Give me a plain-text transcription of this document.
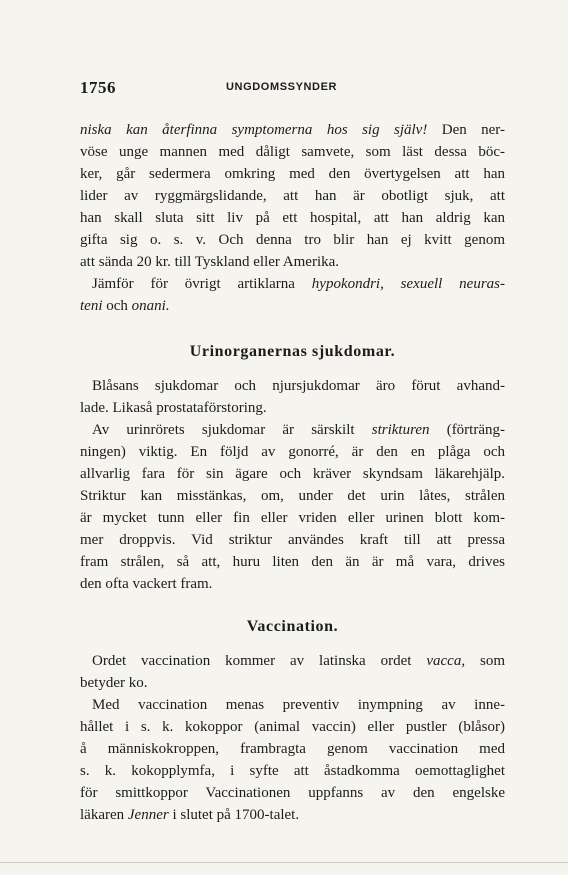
1756	UNGDOMSSYNDER
niska kan återfinna symptomerna hos sig själv! Den ner-
vöse unge mannen med dåligt samvete, som läst dessa böc-
ker, går sedermera omkring med den övertygelsen att han
lider av ryggmärgslidande, att han är obotligt sjuk, att
han skall sluta sitt liv på ett hospital, att han aldrig kan
gifta sig o. s. v. Och denna tro blir han ej kvitt genom
att sända 20 kr. till Tyskland eller Amerika.
Jämför för övrigt artiklarna hypokondri, sexuell neuras-
teni och onani.
Urinorganernas sjukdomar.
Blåsans sjukdomar och njursjukdomar äro förut avhand-
lade. Likaså prostataförstoring.
Av urinrörets sjukdomar är särskilt strikturen (förträng-
ningen) viktig. En följd av gonorré, är den en plåga och
allvarlig fara för sin ägare och kräver skyndsam läkarehjälp.
Striktur kan misstänkas, om, under det urin låtes, strålen
är mycket tunn eller fin eller vriden eller urinen blott kom-
mer droppvis. Vid striktur användes kraft till att pressa
fram strålen, så att, huru liten den än är må vara, drives
den ofta vackert fram.
Vaccination.
Ordet vaccination kommer av latinska ordet vacca, som
betyder ko.
Med vaccination menas preventiv inympning av inne-
hållet i s. k. kokoppor (animal vaccin) eller pustler (blåsor)
å människokroppen, frambragta genom vaccination med
s. k. kokopplymfa, i syfte att åstadkomma oemottaglighet
för smittkoppor Vaccinationen uppfanns av den engelske
läkaren Jenner i slutet på 1700-talet.
